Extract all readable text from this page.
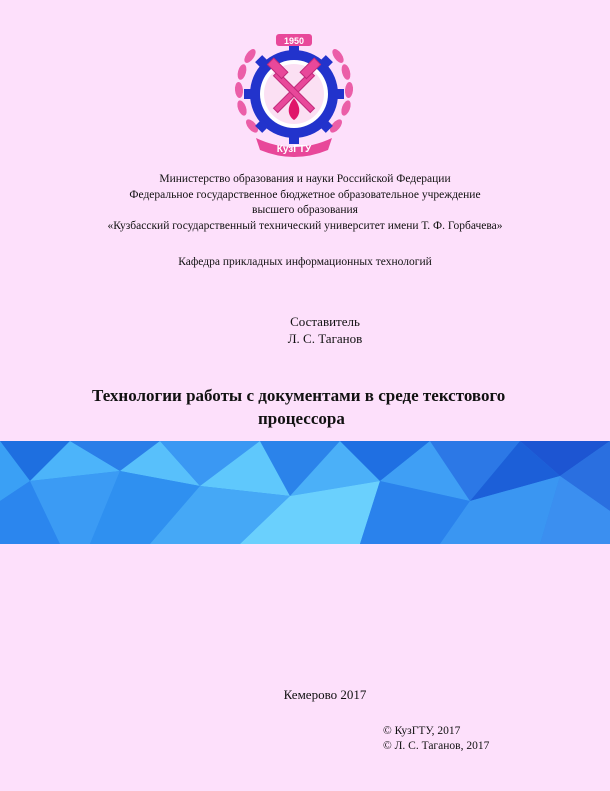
1950
КузГТУ
Министерство образования и науки Российской Федерации
Федеральное государственное бюджетное образовательное учреждение
высшего образования
«Кузбасский государственный технический университет имени Т. Ф. Горбачева»
Кафедра прикладных информационных технологий
Составитель
Л. С. Таганов
Технологии работы с документами в среде текстового
процессора
Кемерово 2017
© КузГТУ, 2017
© Л. С. Таганов, 2017
